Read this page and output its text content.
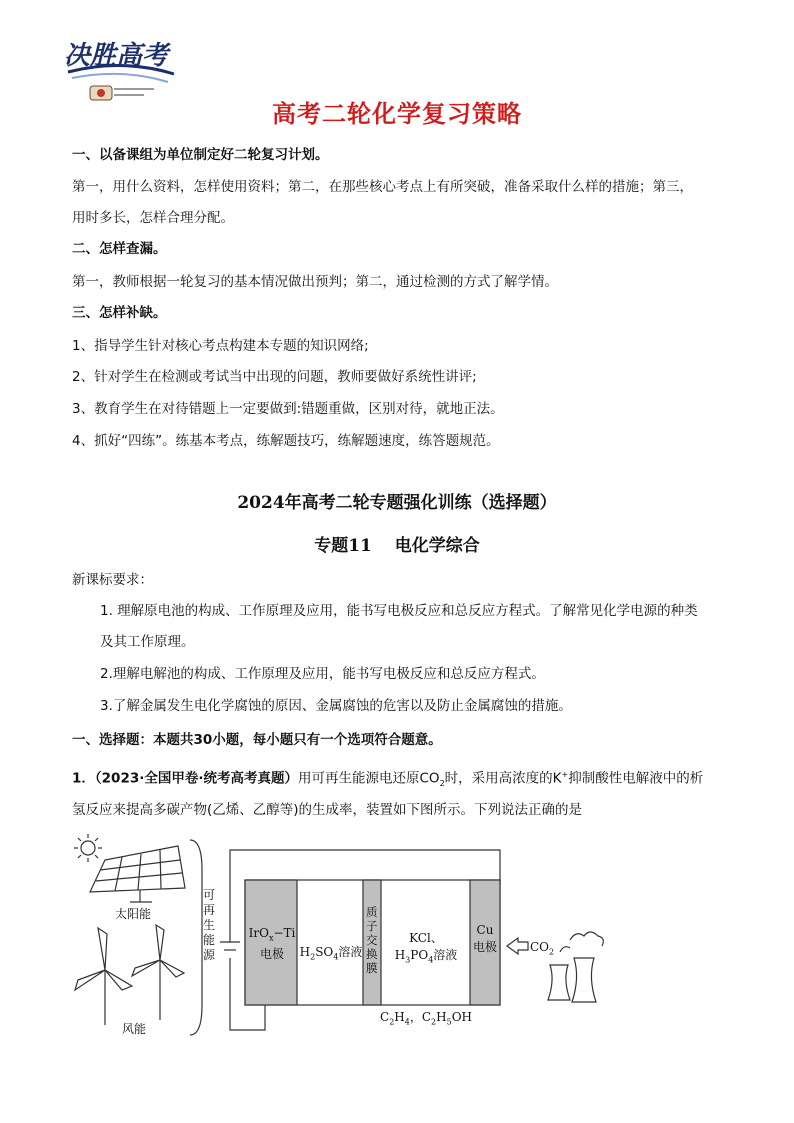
决胜高考
高考二轮化学复习策略
一、以备课组为单位制定好二轮复习计划。
第一，用什么资料，怎样使用资料；第二，在那些核心考点上有所突破，准备采取什么样的措施；第三，
用时多长，怎样合理分配。
二、怎样查漏。
第一，教师根据一轮复习的基本情况做出预判；第二，通过检测的方式了解学情。
三、怎样补缺。
1、指导学生针对核心考点构建本专题的知识网络;
2、针对学生在检测或考试当中出现的问题，教师要做好系统性讲评;
3、教育学生在对待错题上一定要做到:错题重做，区别对待，就地正法。
4、抓好“四练”。练基本考点，练解题技巧，练解题速度，练答题规范。
2024年高考二轮专题强化训练（选择题）
专题11　 电化学综合
新课标要求：
1. 理解原电池的构成、工作原理及应用，能书写电极反应和总反应方程式。了解常见化学电源的种类
及其工作原理。
2.理解电解池的构成、工作原理及应用，能书写电极反应和总反应方程式。
3.了解金属发生电化学腐蚀的原因、金属腐蚀的危害以及防止金属腐蚀的措施。
一、选择题：本题共30小题，每小题只有一个选项符合题意。
1．（2023·全国甲卷·统考高考真题）用可再生能源电还原$CO_2$时，采用高浓度的K+抑制酸性电解液中的析
氢反应来提高多碳产物(乙烯、乙醇等)的生成率，装置如下图所示。下列说法正确的是
太阳能
风能
可
再
生
能
源
IrO$_x$−Ti
电极	$H_2SO_4$溶液
质
子
交
换
膜
KCl、
$H_3PO_4$溶液
Cu
电极	$CO_2$
$C_2H_4$，$C_2H_5OH$
